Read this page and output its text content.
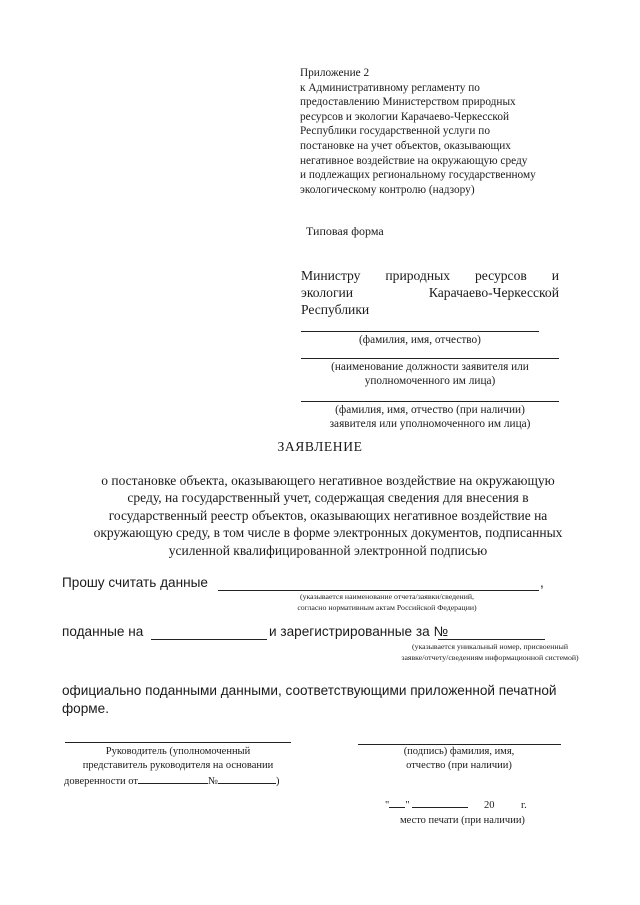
Приложение 2
к Административному регламенту по
предоставлению Министерством природных
ресурсов и экологии Карачаево-Черкесской
Республики государственной услуги по
постановке на учет объектов, оказывающих
негативное воздействие на окружающую среду
и подлежащих региональному государственному
экологическому контролю (надзору)
Типовая форма
Министру природных ресурсов и
экологии Карачаево-Черкесской
Республики
(фамилия, имя, отчество)
(наименование должности заявителя или
уполномоченного им лица)
(фамилия, имя, отчество (при наличии)
заявителя или уполномоченного им лица)
ЗАЯВЛЕНИЕ
о постановке объекта, оказывающего негативное воздействие на окружающую
среду, на государственный учет, содержащая сведения для внесения в
государственный реестр объектов, оказывающих негативное воздействие на
окружающую среду, в том числе в форме электронных документов, подписанных
усиленной квалифицированной электронной подписью
Прошу считать данные	,
(указывается наименование отчета/заявки/сведений,
согласно нормативным актам Российской Федерации)
поданные на	и зарегистрированные за №
(указывается уникальный номер, присвоенный
заявке/отчету/сведениям информационной системой)
официально поданными данными, соответствующими приложенной печатной
форме.
Руководитель (уполномоченный
представитель руководителя на основании
доверенности от	№	)
(подпись) фамилия, имя,
отчество (при наличии)
" "	20	г.
место печати (при наличии)
